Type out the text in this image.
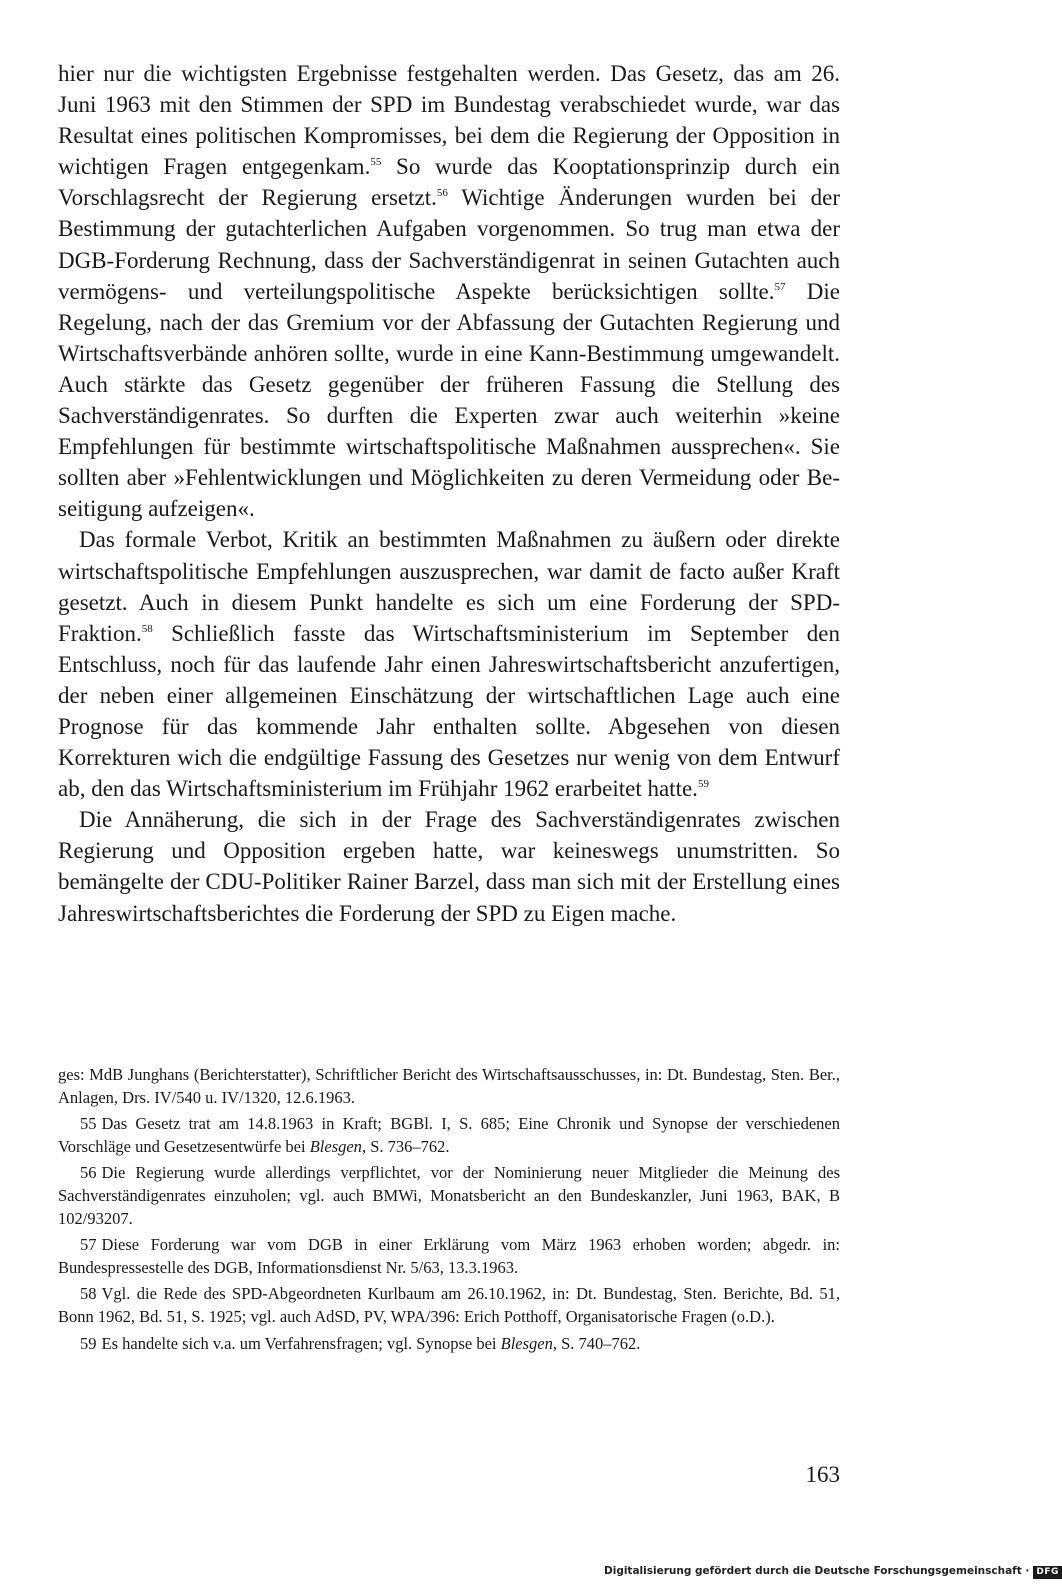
hier nur die wichtigsten Ergebnisse festgehalten werden. Das Gesetz, das am 26. Juni 1963 mit den Stimmen der SPD im Bundestag verabschiedet wurde, war das Resultat eines politischen Kompromisses, bei dem die Regierung der Opposition in wichtigen Fragen entgegenkam.$^{55}$ So wurde das Kooptationsprinzip durch ein Vorschlagsrecht der Regierung ersetzt.$^{56}$ Wichtige Änderungen wurden bei der Bestimmung der gutachterlichen Aufgaben vorgenommen. So trug man etwa der DGB-Forderung Rechnung, dass der Sachverständigenrat in seinen Gutachten auch vermögens- und verteilungspolitische Aspekte berücksichtigen sollte.$^{57}$ Die Regelung, nach der das Gremium vor der Abfassung der Gutachten Regierung und Wirtschaftsverbände anhören sollte, wurde in eine Kann-Bestimmung umgewandelt. Auch stärkte das Gesetz gegenüber der früheren Fassung die Stellung des Sachverständigenrates. So durften die Experten zwar auch weiterhin »keine Empfehlungen für bestimmte wirtschaftspolitische Maßnahmen aussprechen«. Sie sollten aber »Fehlentwicklungen und Möglichkeiten zu deren Vermeidung oder Beseitigung aufzeigen«.

Das formale Verbot, Kritik an bestimmten Maßnahmen zu äußern oder direkte wirtschaftspolitische Empfehlungen auszusprechen, war damit de facto außer Kraft gesetzt. Auch in diesem Punkt handelte es sich um eine Forderung der SPD-Fraktion.$^{58}$ Schließlich fasste das Wirtschaftsministerium im September den Entschluss, noch für das laufende Jahr einen Jahreswirtschaftsbericht anzufertigen, der neben einer allgemeinen Einschätzung der wirtschaftlichen Lage auch eine Prognose für das kommende Jahr enthalten sollte. Abgesehen von diesen Korrekturen wich die endgültige Fassung des Gesetzes nur wenig von dem Entwurf ab, den das Wirtschaftsministerium im Frühjahr 1962 erarbeitet hatte.$^{59}$

Die Annäherung, die sich in der Frage des Sachverständigenrates zwischen Regierung und Opposition ergeben hatte, war keineswegs unumstritten. So bemängelte der CDU-Politiker Rainer Barzel, dass man sich mit der Erstellung eines Jahreswirtschaftsberichtes die Forderung der SPD zu Eigen mache.

ges: MdB Junghans (Berichterstatter), Schriftlicher Bericht des Wirtschaftsausschusses, in: Dt. Bundestag, Sten. Ber., Anlagen, Drs. IV/540 u. IV/1320, 12.6.1963.

55 Das Gesetz trat am 14.8.1963 in Kraft; BGBl. I, S. 685; Eine Chronik und Synopse der verschiedenen Vorschläge und Gesetzesentwürfe bei Blesgen, S. 736–762.

56 Die Regierung wurde allerdings verpflichtet, vor der Nominierung neuer Mitglieder die Meinung des Sachverständigenrates einzuholen; vgl. auch BMWi, Monatsbericht an den Bundeskanzler, Juni 1963, BAK, B 102/93207.

57 Diese Forderung war vom DGB in einer Erklärung vom März 1963 erhoben worden; abgedr. in: Bundespressestelle des DGB, Informationsdienst Nr. 5/63, 13.3.1963.

58 Vgl. die Rede des SPD-Abgeordneten Kurlbaum am 26.10.1962, in: Dt. Bundestag, Sten. Berichte, Bd. 51, Bonn 1962, Bd. 51, S. 1925; vgl. auch AdSD, PV, WPA/396: Erich Potthoff, Organisatorische Fragen (o.D.).

59 Es handelte sich v.a. um Verfahrensfragen; vgl. Synopse bei Blesgen, S. 740–762.

163
Digitalisierung gefördert durch die Deutsche Forschungsgemeinschaft · DFG
